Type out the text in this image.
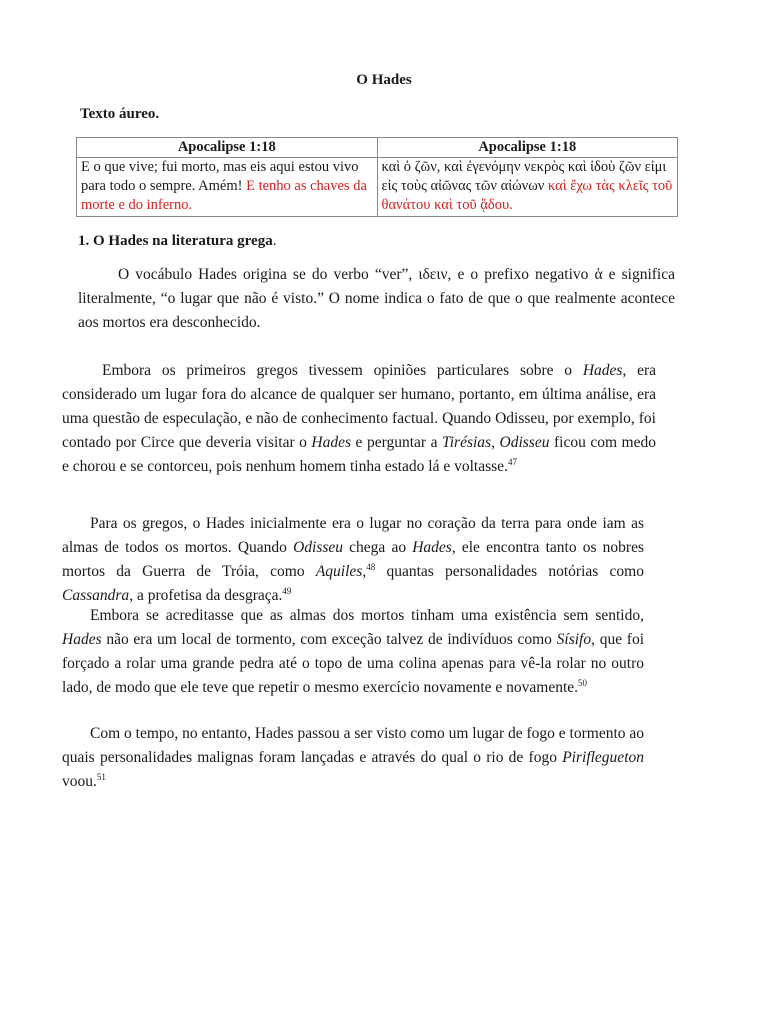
O Hades
Texto áureo.
Apocalipse 1:18	Apocalipse 1:18
E o que vive; fui morto, mas eis aqui estou vivo para todo o sempre. Amém! E tenho as chaves da morte e do inferno.	καὶ ὁ ζῶν, καὶ ἐγενόμην νεκρὸς καὶ ἰδοὺ ζῶν εἰμι εἰς τοὺς αἰῶνας τῶν αἰώνων καὶ ἔχω τὰς κλεῖς τοῦ θανάτου καὶ τοῦ ᾅδου.
1. O Hades na literatura grega.
O vocábulo Hades origina se do verbo “ver”, ιδειν, e o prefixo negativo ἁ e significa literalmente, “o lugar que não é visto.” O nome indica o fato de que o que realmente acontece aos mortos era desconhecido.
Embora os primeiros gregos tivessem opiniões particulares sobre o Hades, era considerado um lugar fora do alcance de qualquer ser humano, portanto, em última análise, era uma questão de especulação, e não de conhecimento factual. Quando Odisseu, por exemplo, foi contado por Circe que deveria visitar o Hades e perguntar a Tirésias, Odisseu ficou com medo e chorou e se contorceu, pois nenhum homem tinha estado lá e voltasse.$^{47}$
Para os gregos, o Hades inicialmente era o lugar no coração da terra para onde iam as almas de todos os mortos. Quando Odisseu chega ao Hades, ele encontra tanto os nobres mortos da Guerra de Tróia, como Aquiles,$^{48}$ quantas personalidades notórias como Cassandra, a profetisa da desgraça.$^{49}$
Embora se acreditasse que as almas dos mortos tinham uma existência sem sentido, Hades não era um local de tormento, com exceção talvez de indivíduos como Sísifo, que foi forçado a rolar uma grande pedra até o topo de uma colina apenas para vê-la rolar no outro lado, de modo que ele teve que repetir o mesmo exercício novamente e novamente.$^{50}$
Com o tempo, no entanto, Hades passou a ser visto como um lugar de fogo e tormento ao quais personalidades malignas foram lançadas e através do qual o rio de fogo Piriflegueton voou.$^{51}$
